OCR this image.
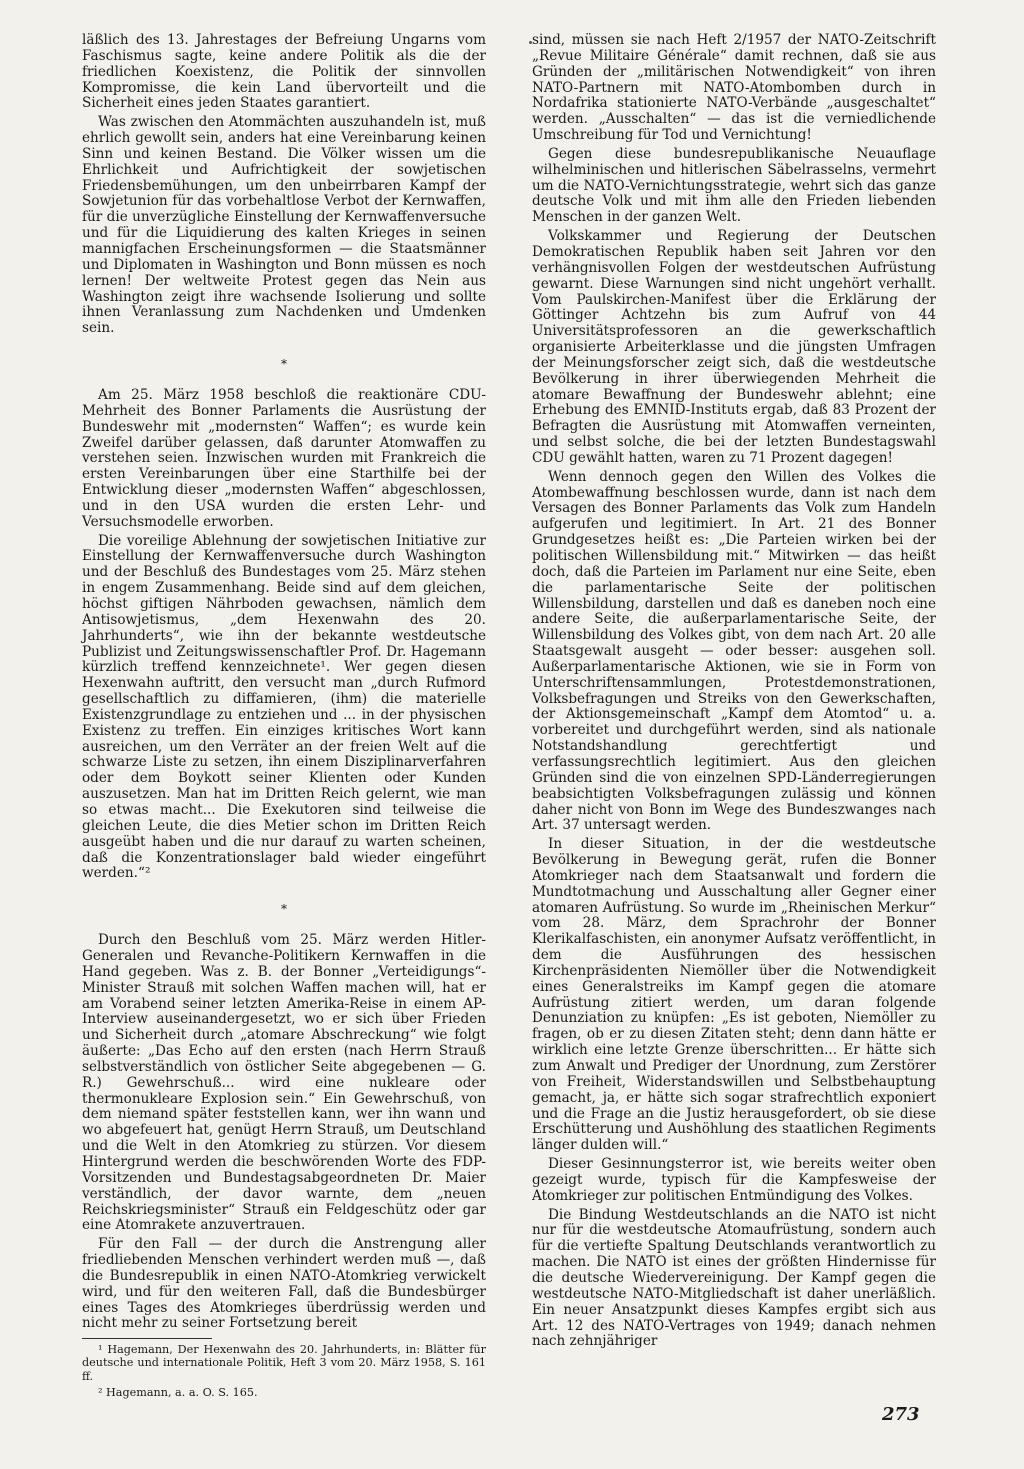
läßlich des 13. Jahrestages der Befreiung Ungarns vom Faschismus sagte, keine andere Politik als die der friedlichen Koexistenz, die Politik der sinnvollen Kompromisse, die kein Land übervorteilt und die Sicherheit eines jeden Staates garantiert.

Was zwischen den Atommächten auszuhandeln ist, muß ehrlich gewollt sein, anders hat eine Vereinbarung keinen Sinn und keinen Bestand. Die Völker wissen um die Ehrlichkeit und Aufrichtigkeit der sowjetischen Friedensbemühungen, um den unbeirrbaren Kampf der Sowjetunion für das vorbehaltlose Verbot der Kernwaffen, für die unverzügliche Einstellung der Kernwaffenversuche und für die Liquidierung des kalten Krieges in seinen mannigfachen Erscheinungsformen — die Staatsmänner und Diplomaten in Washington und Bonn müssen es noch lernen! Der weltweite Protest gegen das Nein aus Washington zeigt ihre wachsende Isolierung und sollte ihnen Veranlassung zum Nachdenken und Umdenken sein.

*

Am 25. März 1958 beschloß die reaktionäre CDU-Mehrheit des Bonner Parlaments die Ausrüstung der Bundeswehr mit „modernsten“ Waffen“; es wurde kein Zweifel darüber gelassen, daß darunter Atomwaffen zu verstehen seien. Inzwischen wurden mit Frankreich die ersten Vereinbarungen über eine Starthilfe bei der Entwicklung dieser „modernsten Waffen“ abgeschlossen, und in den USA wurden die ersten Lehr- und Versuchsmodelle erworben.

Die voreilige Ablehnung der sowjetischen Initiative zur Einstellung der Kernwaffenversuche durch Washington und der Beschluß des Bundestages vom 25. März stehen in engem Zusammenhang. Beide sind auf dem gleichen, höchst giftigen Nährboden gewachsen, nämlich dem Antisowjetismus, „dem Hexenwahn des 20. Jahrhunderts“, wie ihn der bekannte westdeutsche Publizist und Zeitungswissenschaftler Prof. Dr. Hagemann kürzlich treffend kennzeichnete¹. Wer gegen diesen Hexenwahn auftritt, den versucht man „durch Rufmord gesellschaftlich zu diffamieren, (ihm) die materielle Existenzgrundlage zu entziehen und ... in der physischen Existenz zu treffen. Ein einziges kritisches Wort kann ausreichen, um den Verräter an der freien Welt auf die schwarze Liste zu setzen, ihn einem Disziplinarverfahren oder dem Boykott seiner Klienten oder Kunden auszusetzen. Man hat im Dritten Reich gelernt, wie man so etwas macht... Die Exekutoren sind teilweise die gleichen Leute, die dies Metier schon im Dritten Reich ausgeübt haben und die nur darauf zu warten scheinen, daß die Konzentrationslager bald wieder eingeführt werden.“²

*

Durch den Beschluß vom 25. März werden Hitler-Generalen und Revanche-Politikern Kernwaffen in die Hand gegeben. Was z. B. der Bonner „Verteidigungs“-Minister Strauß mit solchen Waffen machen will, hat er am Vorabend seiner letzten Amerika-Reise in einem AP-Interview auseinandergesetzt, wo er sich über Frieden und Sicherheit durch „atomare Abschreckung“ wie folgt äußerte: „Das Echo auf den ersten (nach Herrn Strauß selbstverständlich von östlicher Seite abgegebenen — G. R.) Gewehrschuß... wird eine nukleare oder thermonukleare Explosion sein.“ Ein Gewehrschuß, von dem niemand später feststellen kann, wer ihn wann und wo abgefeuert hat, genügt Herrn Strauß, um Deutschland und die Welt in den Atomkrieg zu stürzen. Vor diesem Hintergrund werden die beschwörenden Worte des FDP-Vorsitzenden und Bundestagsabgeordneten Dr. Maier verständlich, der davor warnte, dem „neuen Reichskriegsminister“ Strauß ein Feldgeschütz oder gar eine Atomrakete anzuvertrauen.

Für den Fall — der durch die Anstrengung aller friedliebenden Menschen verhindert werden muß —, daß die Bundesrepublik in einen NATO-Atomkrieg verwickelt wird, und für den weiteren Fall, daß die Bundesbürger eines Tages des Atomkrieges überdrüssig werden und nicht mehr zu seiner Fortsetzung bereit

¹ Hagemann, Der Hexenwahn des 20. Jahrhunderts, in: Blätter für deutsche und internationale Politik, Heft 3 vom 20. März 1958, S. 161 ff.

² Hagemann, a. a. O. S. 165.

sind, müssen sie nach Heft 2/1957 der NATO-Zeitschrift „Revue Militaire Générale“ damit rechnen, daß sie aus Gründen der „militärischen Notwendigkeit“ von ihren NATO-Partnern mit NATO-Atombomben durch in Nordafrika stationierte NATO-Verbände „ausgeschaltet“ werden. „Ausschalten“ — das ist die verniedlichende Umschreibung für Tod und Vernichtung!

Gegen diese bundesrepublikanische Neuauflage wilhelminischen und hitlerischen Säbelrasselns, vermehrt um die NATO-Vernichtungsstrategie, wehrt sich das ganze deutsche Volk und mit ihm alle den Frieden liebenden Menschen in der ganzen Welt.

Volkskammer und Regierung der Deutschen Demokratischen Republik haben seit Jahren vor den verhängnisvollen Folgen der westdeutschen Aufrüstung gewarnt. Diese Warnungen sind nicht ungehört verhallt. Vom Paulskirchen-Manifest über die Erklärung der Göttinger Achtzehn bis zum Aufruf von 44 Universitätsprofessoren an die gewerkschaftlich organisierte Arbeiterklasse und die jüngsten Umfragen der Meinungsforscher zeigt sich, daß die westdeutsche Bevölkerung in ihrer überwiegenden Mehrheit die atomare Bewaffnung der Bundeswehr ablehnt; eine Erhebung des EMNID-Instituts ergab, daß 83 Prozent der Befragten die Ausrüstung mit Atomwaffen verneinten, und selbst solche, die bei der letzten Bundestagswahl CDU gewählt hatten, waren zu 71 Prozent dagegen!

Wenn dennoch gegen den Willen des Volkes die Atombewaffnung beschlossen wurde, dann ist nach dem Versagen des Bonner Parlaments das Volk zum Handeln aufgerufen und legitimiert. In Art. 21 des Bonner Grundgesetzes heißt es: „Die Parteien wirken bei der politischen Willensbildung mit.“ Mitwirken — das heißt doch, daß die Parteien im Parlament nur eine Seite, eben die parlamentarische Seite der politischen Willensbildung, darstellen und daß es daneben noch eine andere Seite, die außerparlamentarische Seite, der Willensbildung des Volkes gibt, von dem nach Art. 20 alle Staatsgewalt ausgeht — oder besser: ausgehen soll. Außerparlamentarische Aktionen, wie sie in Form von Unterschriftensammlungen, Protestdemonstrationen, Volksbefragungen und Streiks von den Gewerkschaften, der Aktionsgemeinschaft „Kampf dem Atomtod“ u. a. vorbereitet und durchgeführt werden, sind als nationale Notstandshandlung gerechtfertigt und verfassungsrechtlich legitimiert. Aus den gleichen Gründen sind die von einzelnen SPD-Länderregierungen beabsichtigten Volksbefragungen zulässig und können daher nicht von Bonn im Wege des Bundeszwanges nach Art. 37 untersagt werden.

In dieser Situation, in der die westdeutsche Bevölkerung in Bewegung gerät, rufen die Bonner Atomkrieger nach dem Staatsanwalt und fordern die Mundtotmachung und Ausschaltung aller Gegner einer atomaren Aufrüstung. So wurde im „Rheinischen Merkur“ vom 28. März, dem Sprachrohr der Bonner Klerikalfaschisten, ein anonymer Aufsatz veröffentlicht, in dem die Ausführungen des hessischen Kirchenpräsidenten Niemöller über die Notwendigkeit eines Generalstreiks im Kampf gegen die atomare Aufrüstung zitiert werden, um daran folgende Denunziation zu knüpfen: „Es ist geboten, Niemöller zu fragen, ob er zu diesen Zitaten steht; denn dann hätte er wirklich eine letzte Grenze überschritten... Er hätte sich zum Anwalt und Prediger der Unordnung, zum Zerstörer von Freiheit, Widerstandswillen und Selbstbehauptung gemacht, ja, er hätte sich sogar strafrechtlich exponiert und die Frage an die Justiz herausgefordert, ob sie diese Erschütterung und Aushöhlung des staatlichen Regiments länger dulden will.“

Dieser Gesinnungsterror ist, wie bereits weiter oben gezeigt wurde, typisch für die Kampfesweise der Atomkrieger zur politischen Entmündigung des Volkes.

Die Bindung Westdeutschlands an die NATO ist nicht nur für die westdeutsche Atomaufrüstung, sondern auch für die vertiefte Spaltung Deutschlands verantwortlich zu machen. Die NATO ist eines der größten Hindernisse für die deutsche Wiedervereinigung. Der Kampf gegen die westdeutsche NATO-Mitgliedschaft ist daher unerläßlich. Ein neuer Ansatzpunkt dieses Kampfes ergibt sich aus Art. 12 des NATO-Vertrages von 1949; danach nehmen nach zehnjähriger

273
